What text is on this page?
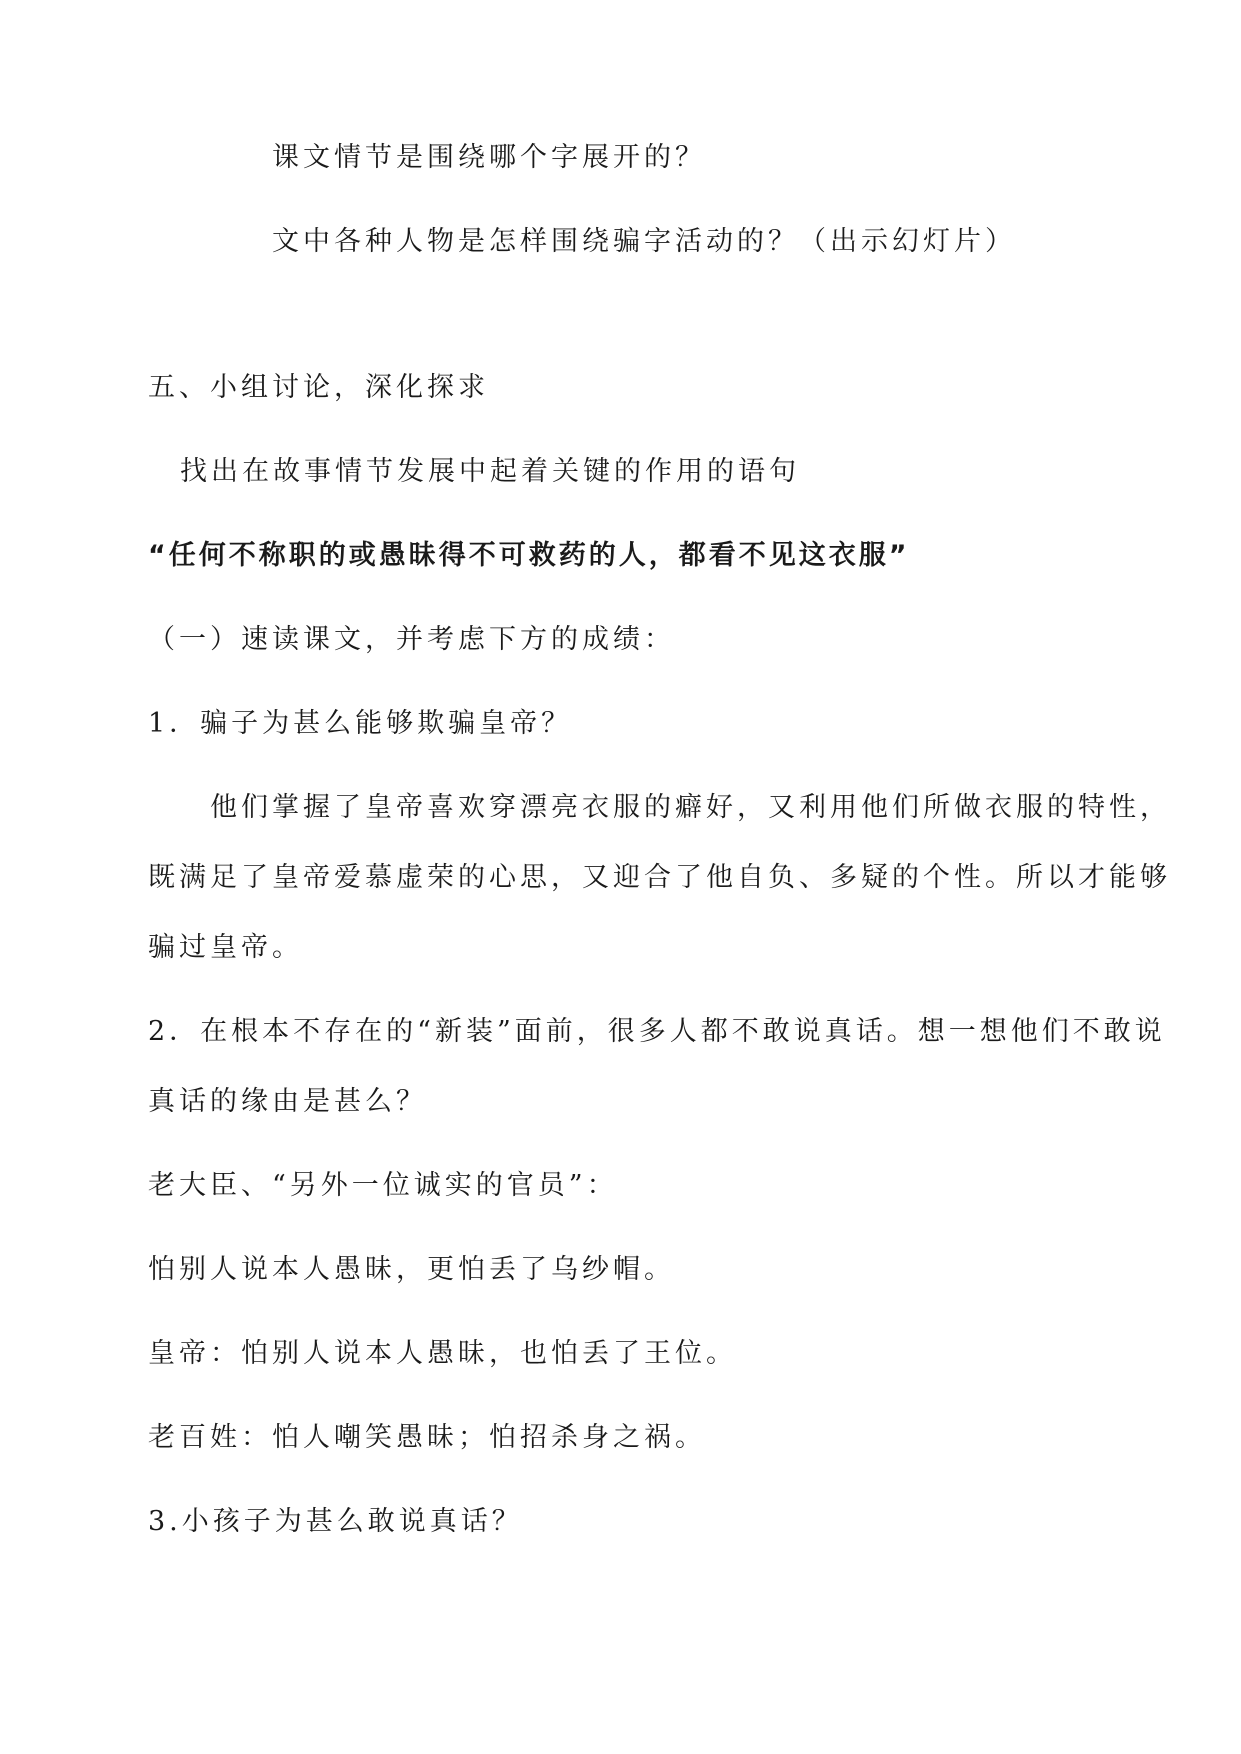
课文情节是围绕哪个字展开的？
文中各种人物是怎样围绕骗字活动的？（出示幻灯片）
五、小组讨论，深化探求
找出在故事情节发展中起着关键的作用的语句
“任何不称职的或愚昧得不可救药的人，都看不见这衣服”
（一）速读课文，并考虑下方的成绩：
1．骗子为甚么能够欺骗皇帝？
他们掌握了皇帝喜欢穿漂亮衣服的癖好，又利用他们所做衣服的特性，
既满足了皇帝爱慕虚荣的心思，又迎合了他自负、多疑的个性。所以才能够
骗过皇帝。
2．在根本不存在的“新装”面前，很多人都不敢说真话。想一想他们不敢说
真话的缘由是甚么？
老大臣、“另外一位诚实的官员”：
怕别人说本人愚昧，更怕丢了乌纱帽。
皇帝：怕别人说本人愚昧，也怕丢了王位。
老百姓：怕人嘲笑愚昧；怕招杀身之祸。
3.小孩子为甚么敢说真话？
